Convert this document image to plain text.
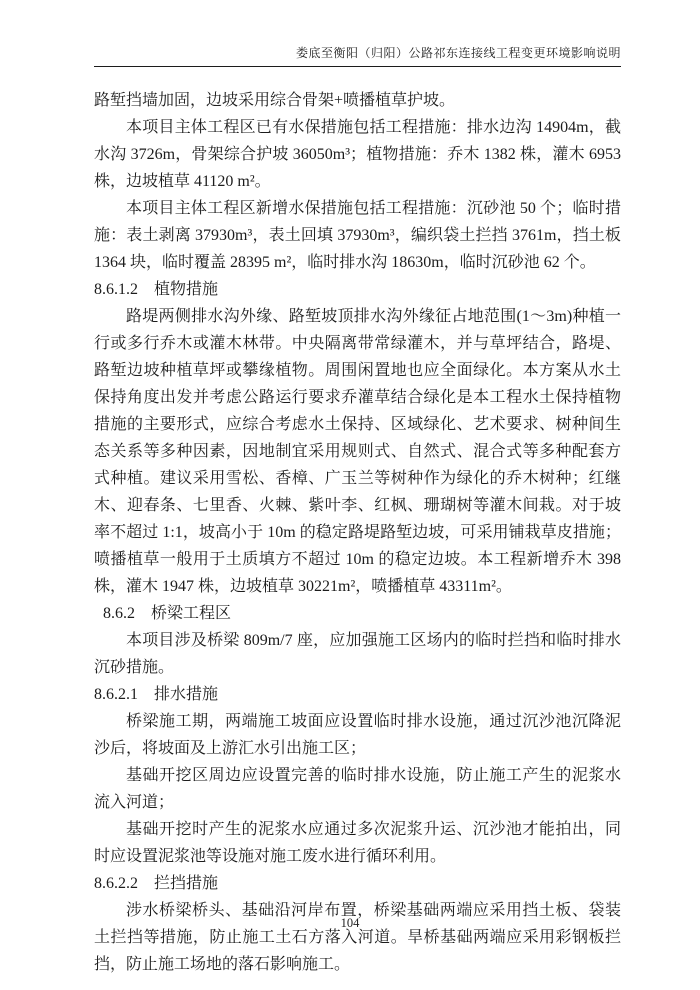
娄底至衡阳（归阳）公路祁东连接线工程变更环境影响说明

路堑挡墙加固，边坡采用综合骨架+喷播植草护坡。

本项目主体工程区已有水保措施包括工程措施：排水边沟 14904m，截水沟 3726m，骨架综合护坡 36050m³；植物措施：乔木 1382 株，灌木 6953 株，边坡植草 41120 m²。

本项目主体工程区新增水保措施包括工程措施：沉砂池 50 个；临时措施：表土剥离 37930m³，表土回填 37930m³，编织袋土拦挡 3761m，挡土板 1364 块，临时覆盖 28395 m²，临时排水沟 18630m，临时沉砂池 62 个。

8.6.1.2　植物措施

路堤两侧排水沟外缘、路堑坡顶排水沟外缘征占地范围(1～3m)种植一行或多行乔木或灌木林带。中央隔离带常绿灌木，并与草坪结合，路堤、路堑边坡种植草坪或攀缘植物。周围闲置地也应全面绿化。本方案从水土保持角度出发并考虑公路运行要求乔灌草结合绿化是本工程水土保持植物措施的主要形式，应综合考虑水土保持、区域绿化、艺术要求、树种间生态关系等多种因素，因地制宜采用规则式、自然式、混合式等多种配套方式种植。建议采用雪松、香樟、广玉兰等树种作为绿化的乔木树种；红继木、迎春条、七里香、火棘、紫叶李、红枫、珊瑚树等灌木间栽。对于坡率不超过 1:1，坡高小于 10m 的稳定路堤路堑边坡，可采用铺栽草皮措施；喷播植草一般用于土质填方不超过 10m 的稳定边坡。本工程新增乔木 398 株，灌木 1947 株，边坡植草 30221m²，喷播植草 43311m²。

8.6.2　桥梁工程区

本项目涉及桥梁 809m/7 座，应加强施工区场内的临时拦挡和临时排水沉砂措施。

8.6.2.1　排水措施

桥梁施工期，两端施工坡面应设置临时排水设施，通过沉沙池沉降泥沙后，将坡面及上游汇水引出施工区；

基础开挖区周边应设置完善的临时排水设施，防止施工产生的泥浆水流入河道；

基础开挖时产生的泥浆水应通过多次泥浆升运、沉沙池才能拍出，同时应设置泥浆池等设施对施工废水进行循环利用。

8.6.2.2　拦挡措施

涉水桥梁桥头、基础沿河岸布置，桥梁基础两端应采用挡土板、袋装土拦挡等措施，防止施工土石方落入河道。旱桥基础两端应采用彩钢板拦挡，防止施工场地的落石影响施工。

104
